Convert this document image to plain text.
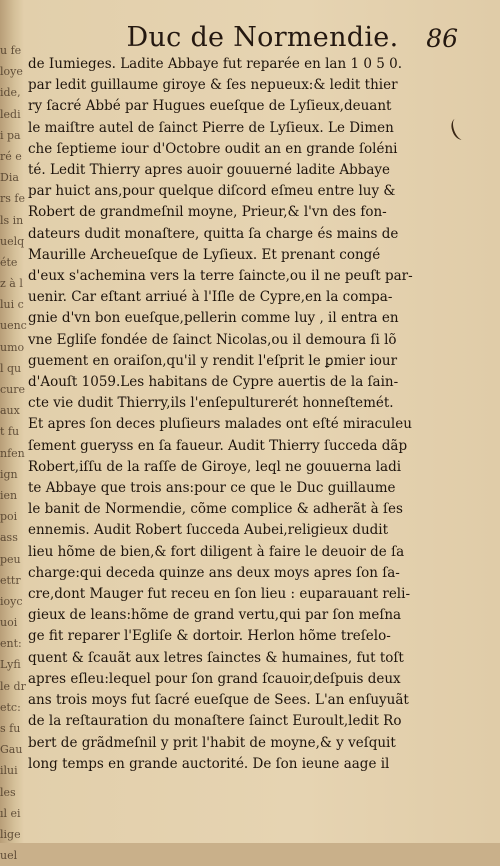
u fe
loye
ide,
ledi
i pa
ré e
Dia
rs fe
ls in
uelq
éte
z à l
lui c
uenc
umo
l qu
cure
aux
t fu
nfen
ign
ien
poi
ass
peu
ettr
ioyc
uoi
ent:
Lyfi
le dr
etc:
s fu
Gau
ilui
les
ıl ei
lige
uel
Duc de Normendie.	86
de Iumieges. Ladite Abbaye fut reparée en lan 1 0 5 0.
par ledit guillaume giroye & ſes nepueux:& ledit thier
ry ſacré Abbé par Hugues eueſque de Lyſieux,deuant
le maiſtre autel de ſainct Pierre de Lyſieux. Le Dimen
che ſeptieme iour d'Octobre oudit an en grande ſoléni
té. Ledit Thierry apres auoir gouuerné ladite Abbaye
par huict ans,pour quelque diſcord eſmeu entre luy &
Robert de grandmeſnil moyne, Prieur,& l'vn des fon-
dateurs dudit monaſtere, quitta ſa charge és mains de
Maurille Archeueſque de Lyſieux. Et prenant congé
d'eux s'achemina vers la terre ſaincte,ou il ne peuſt par-
uenir. Car eſtant arriué à l'Iſle de Cypre,en la compa-
gnie d'vn bon eueſque,pellerin comme luy , il entra en
vne Egliſe fondée de ſainct Nicolas,ou il demoura ſi lõ
guement en oraiſon,qu'il y rendit l'eſprit le ꝑmier iour
d'Aouſt 1059.Les habitans de Cypre auertis de la ſain-
cte vie dudit Thierry,ils l'enſepulturerét honneſtemét.
Et apres ſon deces pluſieurs malades ont eſté miraculeu
ſement gueryss en ſa faueur. Audit Thierry ſucceda dãp
Robert,iſſu de la raſſe de Giroye, leql ne gouuerna ladi
te Abbaye que trois ans:pour ce que le Duc guillaume
le banit de Normendie, cõme complice & adherãt à ſes
ennemis. Audit Robert ſucceda Aubei,religieux dudit
lieu hõme de bien,& fort diligent à faire le deuoir de ſa
charge:qui deceda quinze ans deux moys apres ſon ſa-
cre,dont Mauger fut receu en ſon lieu : euparauant reli-
gieux de leans:hõme de grand vertu,qui par ſon meſna
ge fit reparer l'Egliſe & dortoir. Herlon hõme treſelo-
quent & ſcauãt aux letres ſainctes & humaines, fut toſt
apres eſleu:lequel pour ſon grand ſcauoir,deſpuis deux
ans trois moys fut ſacré eueſque de Sees. L'an enſuyuãt
de la reſtauration du monaſtere ſainct Euroult,ledit Ro
bert de grãdmeſnil y prit l'habit de moyne,& y veſquit
long temps en grande auctorité. De ſon ieune aage il
